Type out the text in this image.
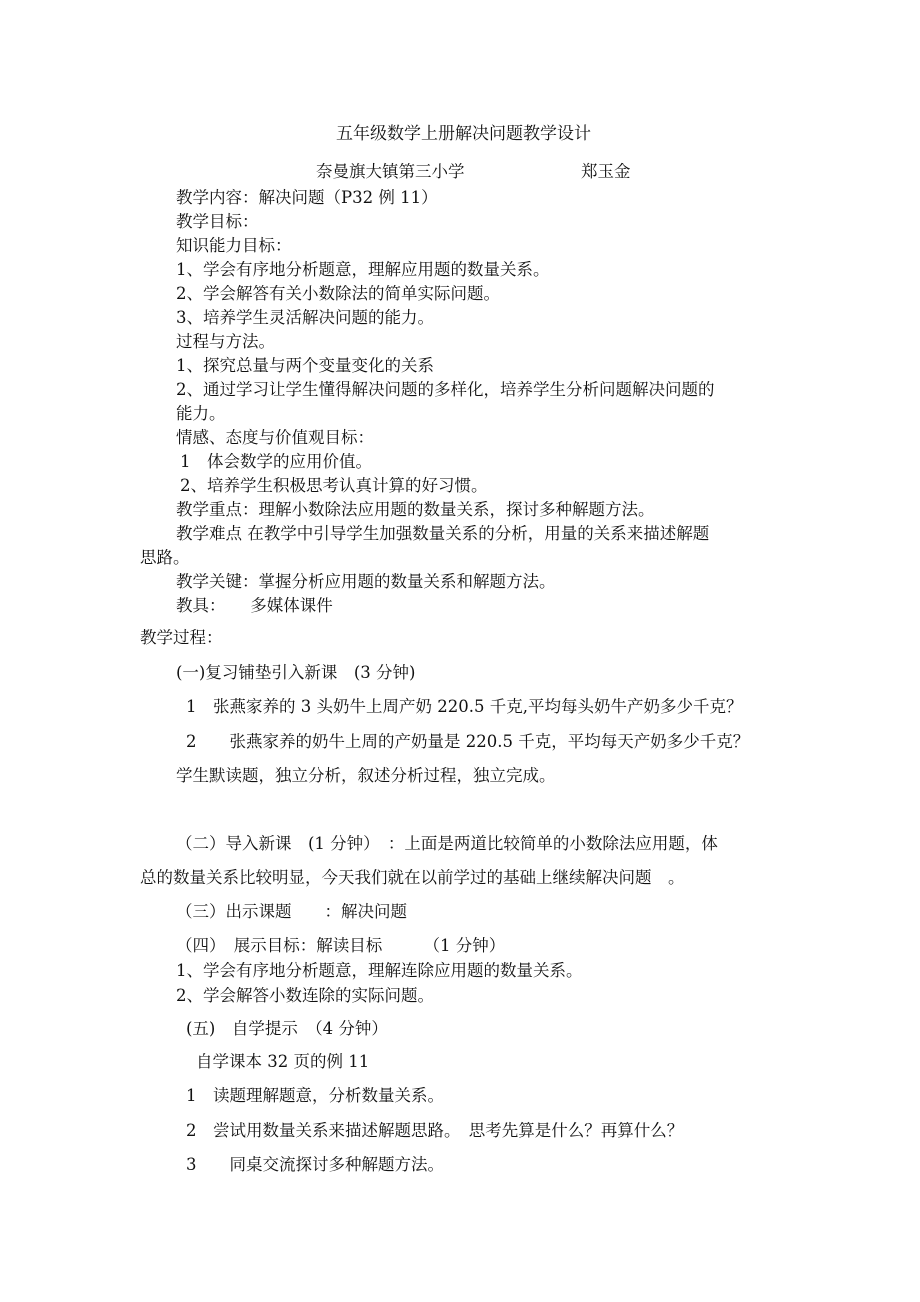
五年级数学上册解决问题教学设计
奈曼旗大镇第三小学	郑玉金
教学内容：解决问题（P32 例 11）
教学目标：
知识能力目标：
1、学会有序地分析题意，理解应用题的数量关系。
2、学会解答有关小数除法的简单实际问题。
3、培养学生灵活解决问题的能力。
过程与方法。
1、探究总量与两个变量变化的关系
2、通过学习让学生懂得解决问题的多样化，培养学生分析问题解决问题的
能力。
情感、态度与价值观目标：
1　体会数学的应用价值。
2、培养学生积极思考认真计算的好习惯。
教学重点：理解小数除法应用题的数量关系，探讨多种解题方法。
教学难点 在教学中引导学生加强数量关系的分析，用量的关系来描述解题
思路。
教学关键：掌握分析应用题的数量关系和解题方法。
教具：　　多媒体课件
教学过程：
(一)复习铺垫引入新课　(3 分钟)
1　张燕家养的 3 头奶牛上周产奶 220.5 千克,平均每头奶牛产奶多少千克？
2　　张燕家养的奶牛上周的产奶量是 220.5 千克，平均每天产奶多少千克？
学生默读题，独立分析，叙述分析过程，独立完成。
（二）导入新课　(1 分钟）　：上面是两道比较简单的小数除法应用题，体
总的数量关系比较明显，今天我们就在以前学过的基础上继续解决问题　。
（三）出示课题　　：解决问题
（四）　展示目标：解读目标　　　（1 分钟）
1、学会有序地分析题意，理解连除应用题的数量关系。
2、学会解答小数连除的实际问题。
(五)　自学提示　（4 分钟）
自学课本 32 页的例 11
1　读题理解题意，分析数量关系。
2　尝试用数量关系来描述解题思路。　思考先算是什么？再算什么？
3　　同桌交流探讨多种解题方法。
